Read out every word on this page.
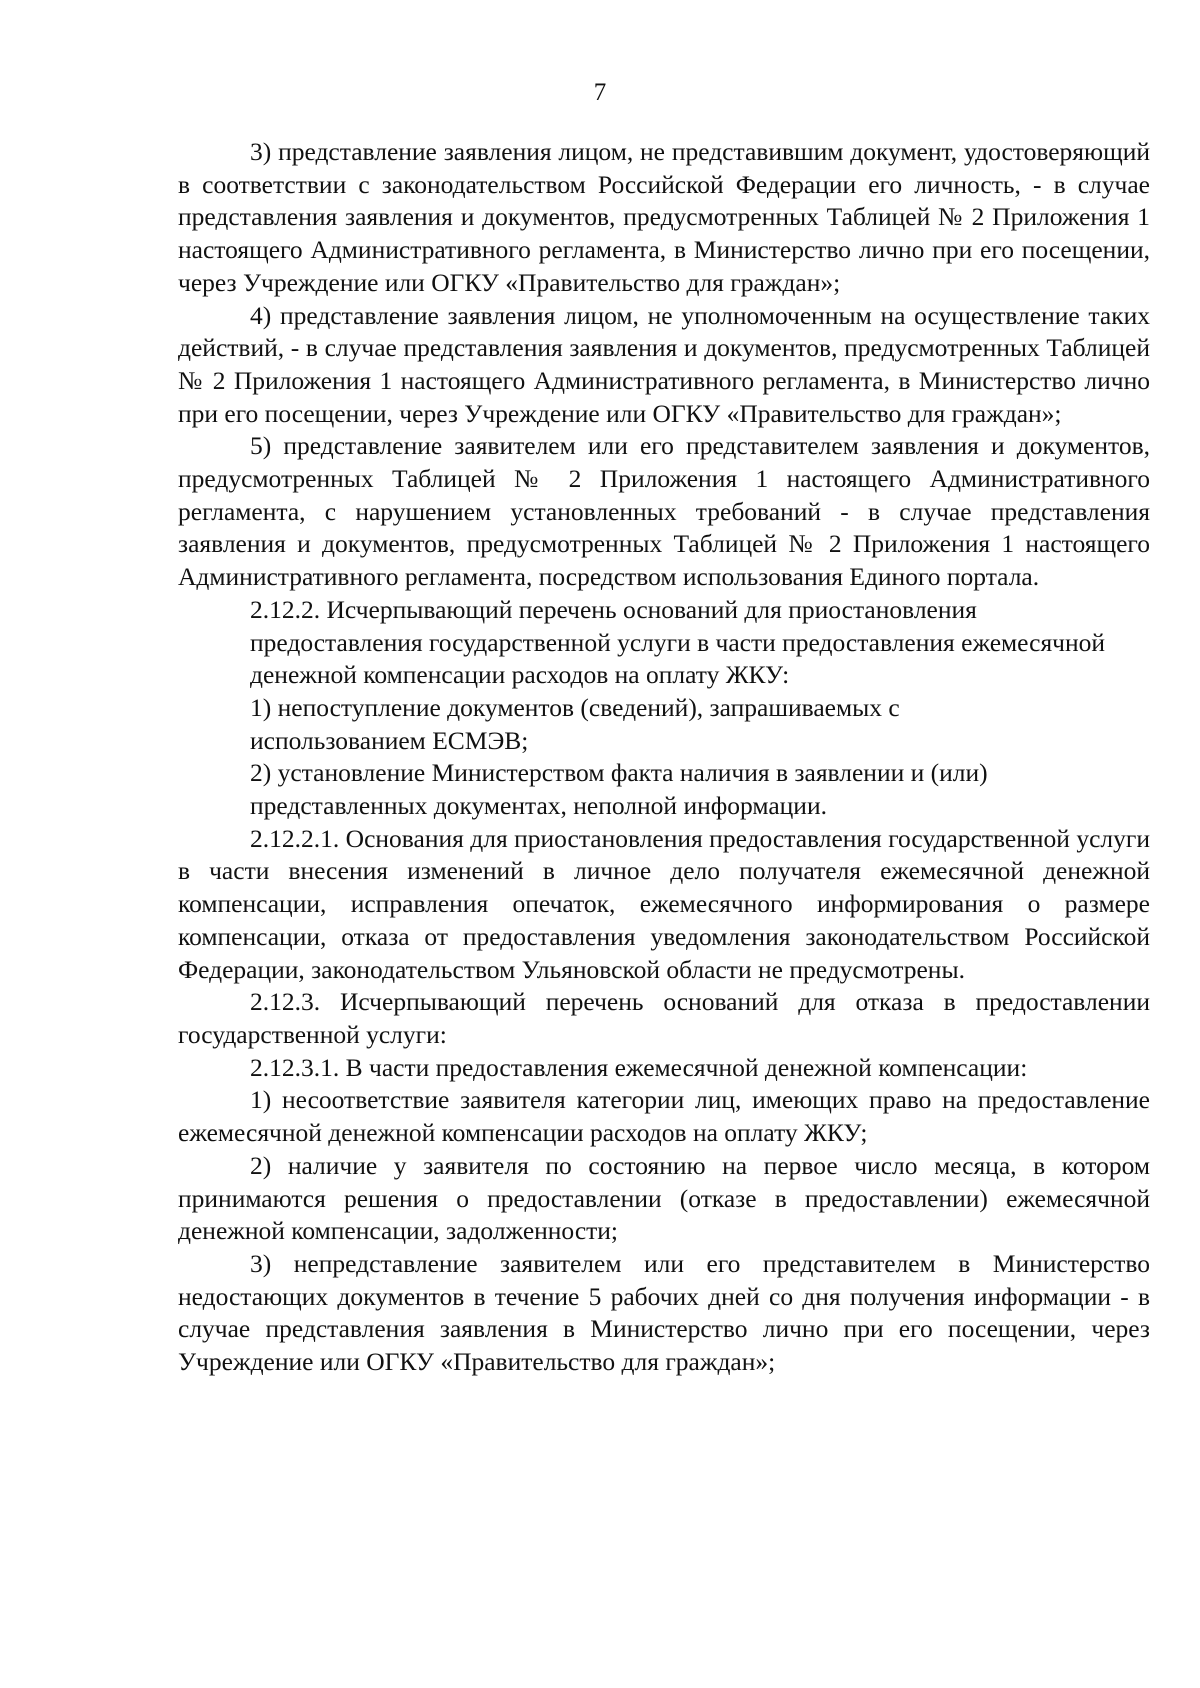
7

3) представление заявления лицом, не представившим документ, удостоверяющий в соответствии с законодательством Российской Федерации его личность, - в случае представления заявления и документов, предусмотренных Таблицей № 2 Приложения 1 настоящего Административного регламента, в Министерство лично при его посещении, через Учреждение или ОГКУ «Правительство для граждан»;

4) представление заявления лицом, не уполномоченным на осуществление таких действий, - в случае представления заявления и документов, предусмотренных Таблицей № 2 Приложения 1 настоящего Административного регламента, в Министерство лично при его посещении, через Учреждение или ОГКУ «Правительство для граждан»;

5) представление заявителем или его представителем заявления и документов, предусмотренных Таблицей № 2 Приложения 1 настоящего Административного регламента, с нарушением установленных требований - в случае представления заявления и документов, предусмотренных Таблицей № 2 Приложения 1 настоящего Административного регламента, посредством использования Единого портала.

2.12.2. Исчерпывающий перечень оснований для приостановления

предоставления государственной услуги в части предоставления ежемесячной

денежной компенсации расходов на оплату ЖКУ:

1) непоступление документов (сведений), запрашиваемых с

использованием ЕСМЭВ;

2) установление Министерством факта наличия в заявлении и (или)

представленных документах, неполной информации.

2.12.2.1. Основания для приостановления предоставления государственной услуги в части внесения изменений в личное дело получателя ежемесячной денежной компенсации, исправления опечаток, ежемесячного информирования о размере компенсации, отказа от предоставления уведомления законодательством Российской Федерации, законодательством Ульяновской области не предусмотрены.

2.12.3. Исчерпывающий перечень оснований для отказа в предоставлении государственной услуги:

2.12.3.1. В части предоставления ежемесячной денежной компенсации:

1) несоответствие заявителя категории лиц, имеющих право на предоставление ежемесячной денежной компенсации расходов на оплату ЖКУ;

2) наличие у заявителя по состоянию на первое число месяца, в котором принимаются решения о предоставлении (отказе в предоставлении) ежемесячной денежной компенсации, задолженности;

3) непредставление заявителем или его представителем в Министерство недостающих документов в течение 5 рабочих дней со дня получения информации - в случае представления заявления в Министерство лично при его посещении, через Учреждение или ОГКУ «Правительство для граждан»;
